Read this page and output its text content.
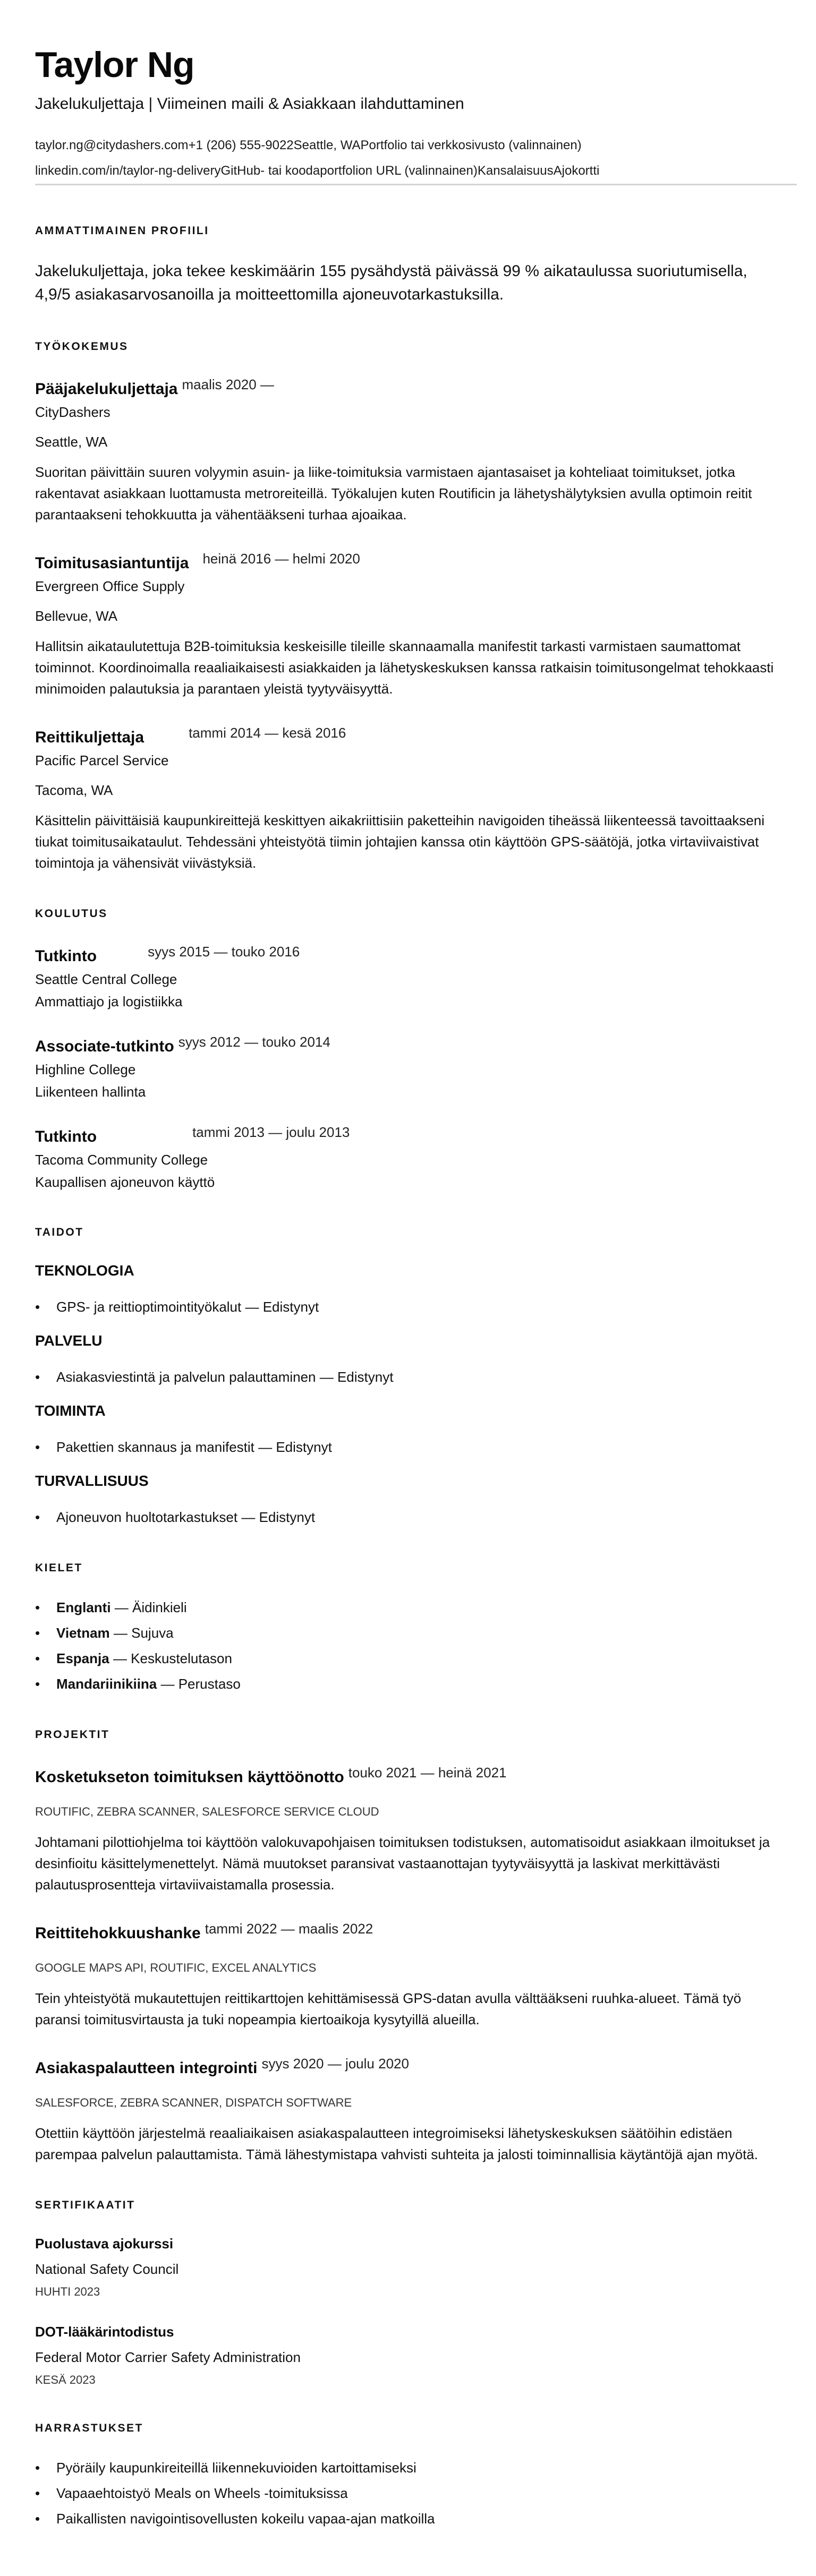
Taylor Ng
Jakelukuljettaja | Viimeinen maili & Asiakkaan ilahduttaminen
taylor.ng@citydashers.com+1 (206) 555-9022Seattle, WAPortfolio tai verkkosivusto (valinnainen)
linkedin.com/in/taylor-ng-deliveryGitHub- tai koodaportfolion URL (valinnainen)KansalaisuusAjokortti
AMMATTIMAINEN PROFIILI

Jakelukuljettaja, joka tekee keskimäärin 155 pysähdystä päivässä 99 % aikataulussa suoriutumisella, 4,9/5 asiakasarvosanoilla ja moitteettomilla ajoneuvotarkastuksilla.

TYÖKOKEMUS
Pääjakelukuljettaja maalis 2020 —
CityDashers
Seattle, WA
Suoritan päivittäin suuren volyymin asuin- ja liike-toimituksia varmistaen ajantasaiset ja kohteliaat toimitukset, jotka rakentavat asiakkaan luottamusta metroreiteillä. Työkalujen kuten Routificin ja lähetyshälytyksien avulla optimoin reitit parantaakseni tehokkuutta ja vähentääkseni turhaa ajoaikaa.
Toimitusasiantuntija heinä 2016 — helmi 2020
Evergreen Office Supply
Bellevue, WA
Hallitsin aikataulutettuja B2B-toimituksia keskeisille tileille skannaamalla manifestit tarkasti varmistaen saumattomat toiminnot. Koordinoimalla reaaliaikaisesti asiakkaiden ja lähetyskeskuksen kanssa ratkaisin toimitusongelmat tehokkaasti minimoiden palautuksia ja parantaen yleistä tyytyväisyyttä.
Reittikuljettaja	tammi 2014 — kesä 2016
Pacific Parcel Service
Tacoma, WA
Käsittelin päivittäisiä kaupunkireittejä keskittyen aikakriittisiin paketteihin navigoiden tiheässä liikenteessä tavoittaakseni tiukat toimitusaikataulut. Tehdessäni yhteistyötä tiimin johtajien kanssa otin käyttöön GPS-säätöjä, jotka virtaviivaistivat toimintoja ja vähensivät viivästyksiä.
KOULUTUS
Tutkinto	syys 2015 — touko 2016
Seattle Central College
Ammattiajo ja logistiikka
Associate-tutkinto syys 2012 — touko 2014
Highline College
Liikenteen hallinta
Tutkinto	tammi 2013 — joulu 2013
Tacoma Community College
Kaupallisen ajoneuvon käyttö
TAIDOT
TEKNOLOGIA
• GPS- ja reittioptimointityökalut — Edistynyt
PALVELU
• Asiakasviestintä ja palvelun palauttaminen — Edistynyt
TOIMINTA
• Pakettien skannaus ja manifestit — Edistynyt
TURVALLISUUS
• Ajoneuvon huoltotarkastukset — Edistynyt
KIELET
• Englanti — Äidinkieli
• Vietnam — Sujuva
• Espanja — Keskustelutason
• Mandariinikiina — Perustaso
PROJEKTIT
Kosketukseton toimituksen käyttöönotto touko 2021 — heinä 2021
ROUTIFIC, ZEBRA SCANNER, SALESFORCE SERVICE CLOUD
Johtamani pilottiohjelma toi käyttöön valokuvapohjaisen toimituksen todistuksen, automatisoidut asiakkaan ilmoitukset ja desinfioitu käsittelymenettelyt. Nämä muutokset paransivat vastaanottajan tyytyväisyyttä ja laskivat merkittävästi palautusprosentteja virtaviivaistamalla prosessia.
Reittitehokkuushanke tammi 2022 — maalis 2022
GOOGLE MAPS API, ROUTIFIC, EXCEL ANALYTICS
Tein yhteistyötä mukautettujen reittikarttojen kehittämisessä GPS-datan avulla välttääkseni ruuhka-alueet. Tämä työ paransi toimitusvirtausta ja tuki nopeampia kiertoaikoja kysytyillä alueilla.
Asiakaspalautteen integrointi syys 2020 — joulu 2020
SALESFORCE, ZEBRA SCANNER, DISPATCH SOFTWARE
Otettiin käyttöön järjestelmä reaaliaikaisen asiakaspalautteen integroimiseksi lähetyskeskuksen säätöihin edistäen parempaa palvelun palauttamista. Tämä lähestymistapa vahvisti suhteita ja jalosti toiminnallisia käytäntöjä ajan myötä.
SERTIFIKAATIT
Puolustava ajokurssi
National Safety Council
HUHTI 2023
DOT-lääkärintodistus
Federal Motor Carrier Safety Administration
KESÄ 2023
HARRASTUKSET
• Pyöräily kaupunkireiteillä liikennekuvioiden kartoittamiseksi
• Vapaaehtoistyö Meals on Wheels -toimituksissa
• Paikallisten navigointisovellusten kokeilu vapaa-ajan matkoilla
